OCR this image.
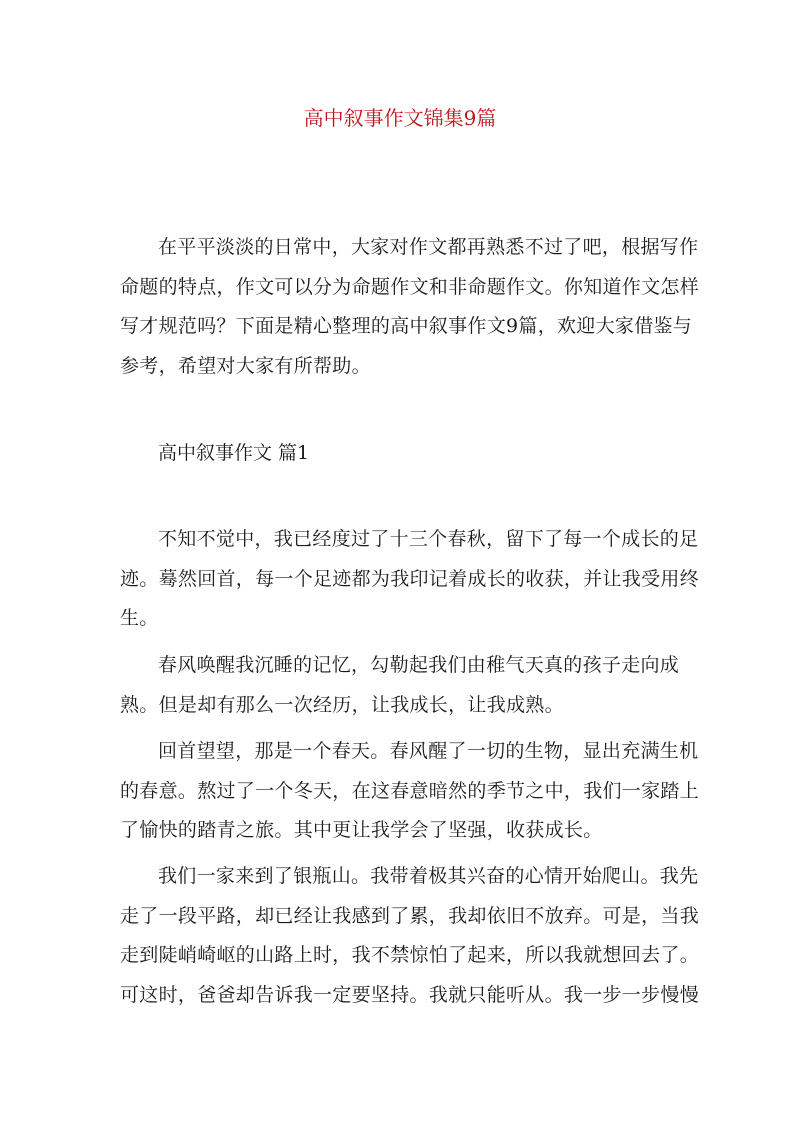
高中叙事作文锦集9篇

在平平淡淡的日常中，大家对作文都再熟悉不过了吧，根据写作命题的特点，作文可以分为命题作文和非命题作文。你知道作文怎样写才规范吗？下面是精心整理的高中叙事作文9篇，欢迎大家借鉴与参考，希望对大家有所帮助。

高中叙事作文 篇1

不知不觉中，我已经度过了十三个春秋，留下了每一个成长的足迹。蓦然回首，每一个足迹都为我印记着成长的收获，并让我受用终生。

春风唤醒我沉睡的记忆，勾勒起我们由稚气天真的孩子走向成熟。但是却有那么一次经历，让我成长，让我成熟。

回首望望，那是一个春天。春风醒了一切的生物，显出充满生机的春意。熬过了一个冬天，在这春意暗然的季节之中，我们一家踏上了愉快的踏青之旅。其中更让我学会了坚强，收获成长。

我们一家来到了银瓶山。我带着极其兴奋的心情开始爬山。我先走了一段平路，却已经让我感到了累，我却依旧不放弃。可是，当我走到陡峭崎岖的山路上时，我不禁惊怕了起来，所以我就想回去了。可这时，爸爸却告诉我一定要坚持。我就只能听从。我一步一步慢慢
